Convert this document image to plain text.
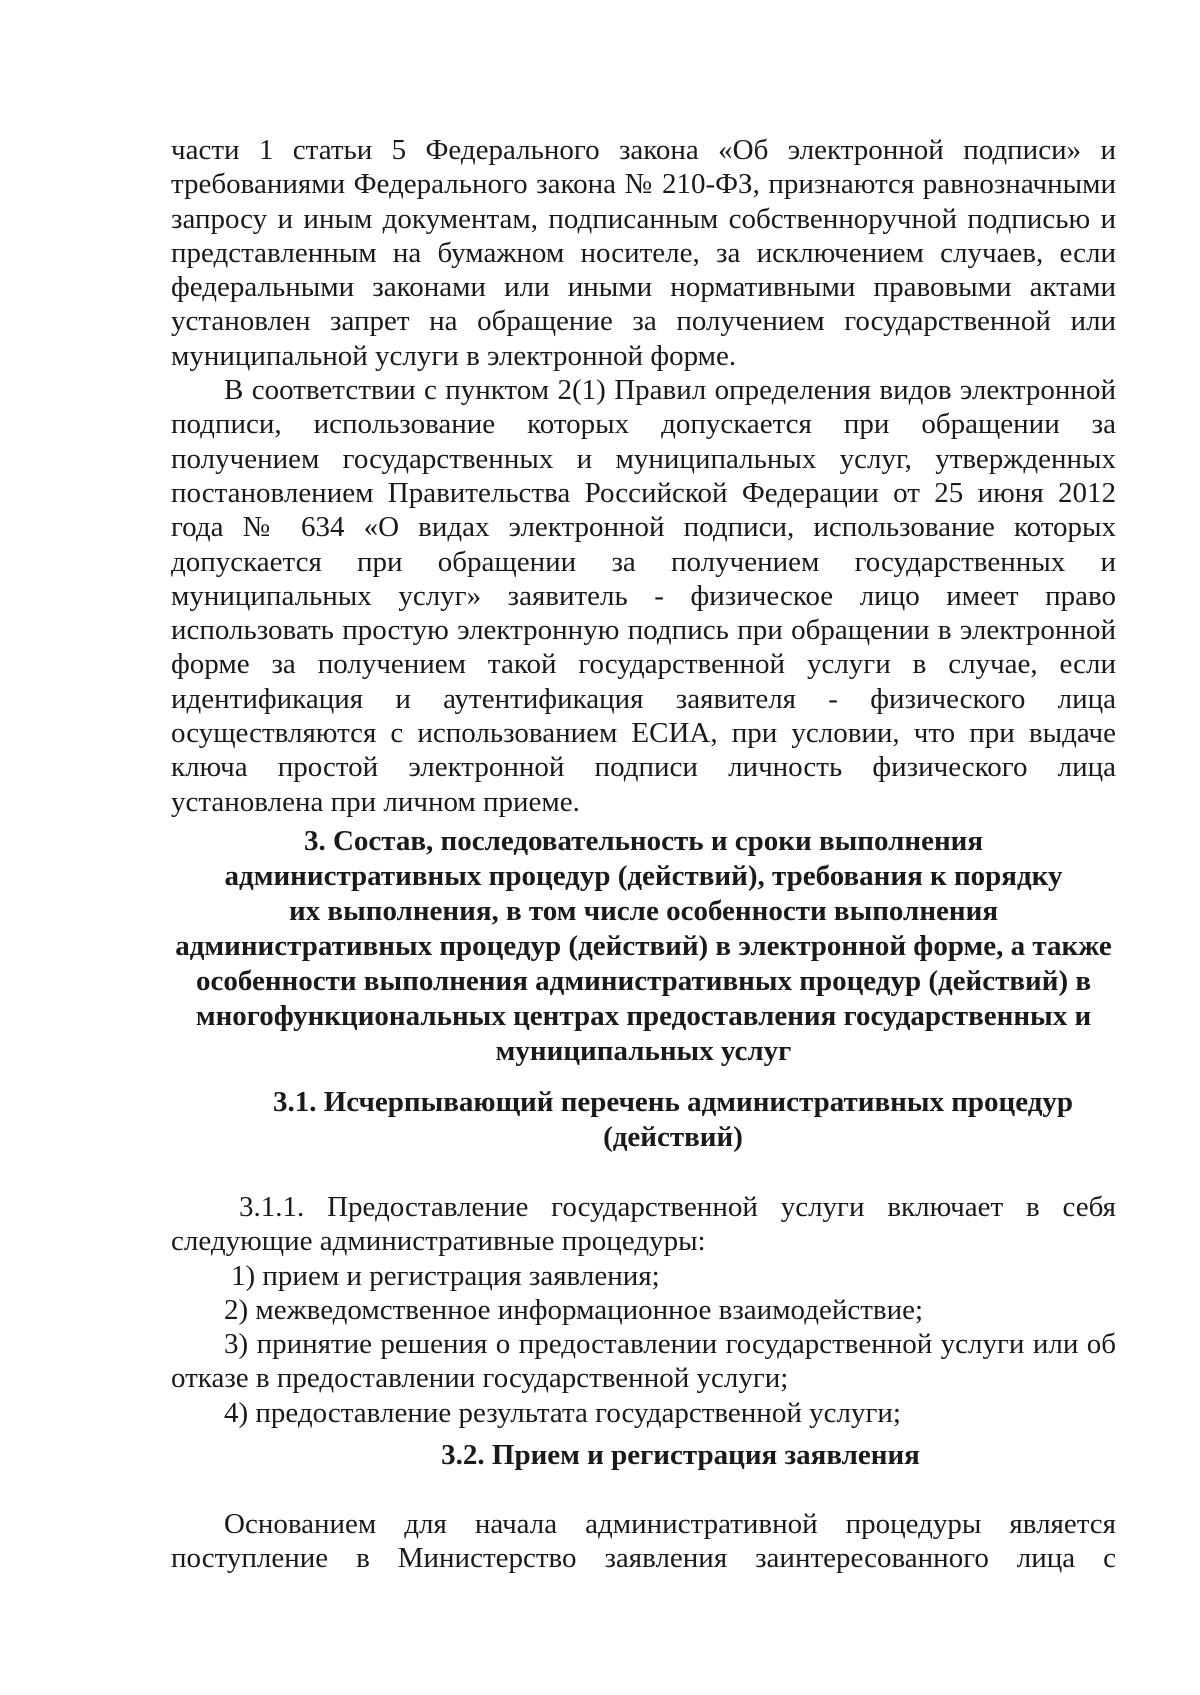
части 1 статьи 5 Федерального закона «Об электронной подписи» и требованиями Федерального закона № 210-ФЗ, признаются равнозначными запросу и иным документам, подписанным собственноручной подписью и представленным на бумажном носителе, за исключением случаев, если федеральными законами или иными нормативными правовыми актами установлен запрет на обращение за получением государственной или муниципальной услуги в электронной форме.

В соответствии с пунктом 2(1) Правил определения видов электронной подписи, использование которых допускается при обращении за получением государственных и муниципальных услуг, утвержденных постановлением Правительства Российской Федерации от 25 июня 2012 года № 634 «О видах электронной подписи, использование которых допускается при обращении за получением государственных и муниципальных услуг» заявитель - физическое лицо имеет право использовать простую электронную подпись при обращении в электронной форме за получением такой государственной услуги в случае, если идентификация и аутентификация заявителя - физического лица осуществляются с использованием ЕСИА, при условии, что при выдаче ключа простой электронной подписи личность физического лица установлена при личном приеме.

3. Состав, последовательность и сроки выполнения
административных процедур (действий), требования к порядку
их выполнения, в том числе особенности выполнения
административных процедур (действий) в электронной форме, а также
особенности выполнения административных процедур (действий) в
многофункциональных центрах предоставления государственных и
муниципальных услуг
3.1. Исчерпывающий перечень административных процедур
(действий)

3.1.1. Предоставление государственной услуги включает в себя следующие административные процедуры:

1) прием и регистрация заявления;

2) межведомственное информационное взаимодействие;

3) принятие решения о предоставлении государственной услуги или об отказе в предоставлении государственной услуги;

4) предоставление результата государственной услуги;

3.2. Прием и регистрация заявления

Основанием для начала административной процедуры является поступление в Министерство заявления заинтересованного лица с
